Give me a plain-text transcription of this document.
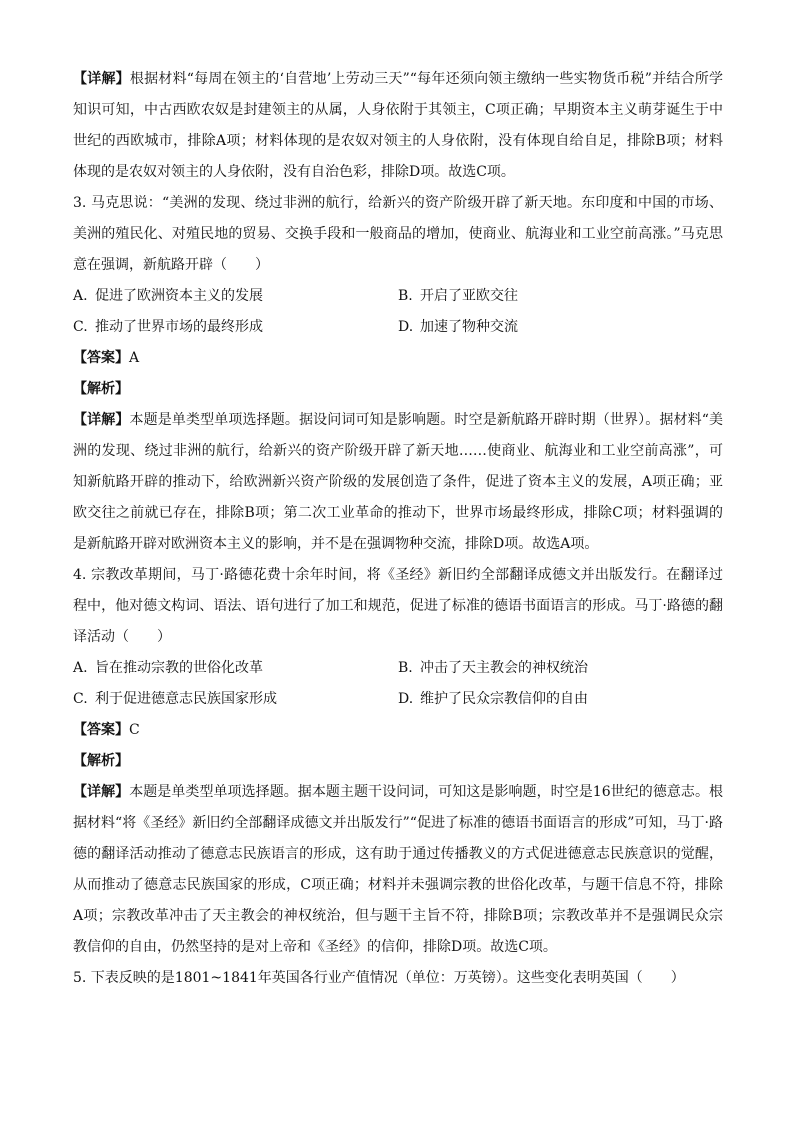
【详解】根据材料“每周在领主的‘自营地’上劳动三天”“每年还须向领主缴纳一些实物货币税”并结合所学知识可知，中古西欧农奴是封建领主的从属，人身依附于其领主，C项正确；早期资本主义萌芽诞生于中世纪的西欧城市，排除A项；材料体现的是农奴对领主的人身依附，没有体现自给自足，排除B项；材料体现的是农奴对领主的人身依附，没有自治色彩，排除D项。故选C项。

3. 马克思说：“美洲的发现、绕过非洲的航行，给新兴的资产阶级开辟了新天地。东印度和中国的市场、美洲的殖民化、对殖民地的贸易、交换手段和一般商品的增加，使商业、航海业和工业空前高涨。”马克思意在强调，新航路开辟（　　）

A. 促进了欧洲资本主义的发展	B. 开启了亚欧交往
C. 推动了世界市场的最终形成	D. 加速了物种交流

【答案】A

【解析】

【详解】本题是单类型单项选择题。据设问词可知是影响题。时空是新航路开辟时期（世界）。据材料“美洲的发现、绕过非洲的航行，给新兴的资产阶级开辟了新天地……使商业、航海业和工业空前高涨”，可知新航路开辟的推动下，给欧洲新兴资产阶级的发展创造了条件，促进了资本主义的发展，A项正确；亚欧交往之前就已存在，排除B项；第二次工业革命的推动下，世界市场最终形成，排除C项；材料强调的是新航路开辟对欧洲资本主义的影响，并不是在强调物种交流，排除D项。故选A项。

4. 宗教改革期间，马丁·路德花费十余年时间，将《圣经》新旧约全部翻译成德文并出版发行。在翻译过程中，他对德文构词、语法、语句进行了加工和规范，促进了标准的德语书面语言的形成。马丁·路德的翻译活动（　　）

A. 旨在推动宗教的世俗化改革	B. 冲击了天主教会的神权统治
C. 利于促进德意志民族国家形成	D. 维护了民众宗教信仰的自由

【答案】C

【解析】

【详解】本题是单类型单项选择题。据本题主题干设问词，可知这是影响题，时空是16世纪的德意志。根据材料“将《圣经》新旧约全部翻译成德文并出版发行”“促进了标准的德语书面语言的形成”可知，马丁·路德的翻译活动推动了德意志民族语言的形成，这有助于通过传播教义的方式促进德意志民族意识的觉醒，从而推动了德意志民族国家的形成，C项正确；材料并未强调宗教的世俗化改革，与题干信息不符，排除A项；宗教改革冲击了天主教会的神权统治，但与题干主旨不符，排除B项；宗教改革并不是强调民众宗教信仰的自由，仍然坚持的是对上帝和《圣经》的信仰，排除D项。故选C项。

5. 下表反映的是1801~1841年英国各行业产值情况（单位：万英镑）。这些变化表明英国（　　）
